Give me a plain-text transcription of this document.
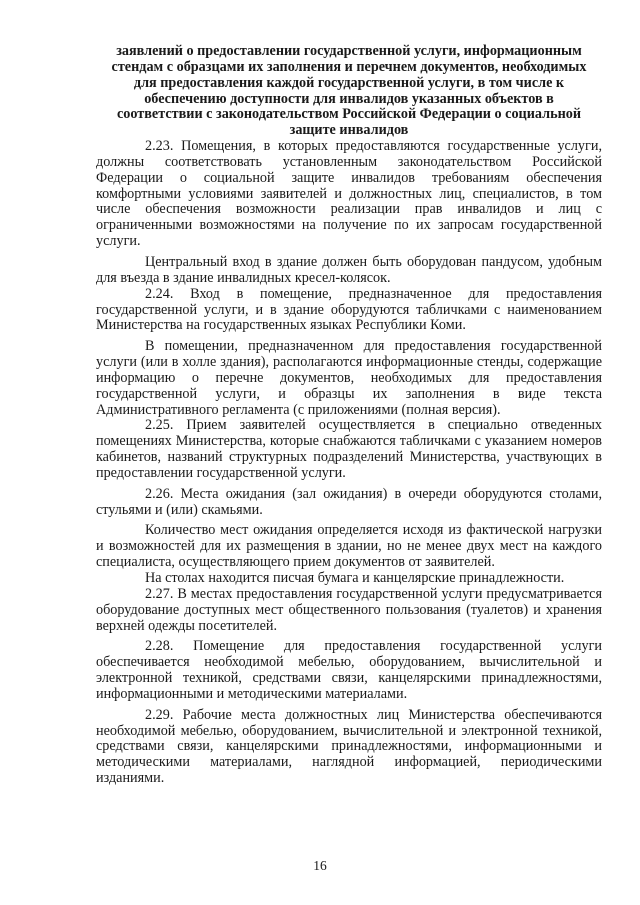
заявлений о предоставлении государственной услуги, информационным стендам с образцами их заполнения и перечнем документов, необходимых для предоставления каждой государственной услуги, в том числе к обеспечению доступности для инвалидов указанных объектов в соответствии с законодательством Российской Федерации о социальной защите инвалидов

2.23. Помещения, в которых предоставляются государственные услуги, должны соответствовать установленным законодательством Российской Федерации о социальной защите инвалидов требованиям обеспечения комфортными условиями заявителей и должностных лиц, специалистов, в том числе обеспечения возможности реализации прав инвалидов и лиц с ограниченными возможностями на получение по их запросам государственной услуги.

Центральный вход в здание должен быть оборудован пандусом, удобным для въезда в здание инвалидных кресел-колясок.

2.24. Вход в помещение, предназначенное для предоставления государственной услуги, и в здание оборудуются табличками с наименованием Министерства на государственных языках Республики Коми.

В помещении, предназначенном для предоставления государственной услуги (или в холле здания), располагаются информационные стенды, содержащие информацию о перечне документов, необходимых для предоставления государственной услуги, и образцы их заполнения в виде текста Административного регламента (с приложениями (полная версия).

2.25. Прием заявителей осуществляется в специально отведенных помещениях Министерства, которые снабжаются табличками с указанием номеров кабинетов, названий структурных подразделений Министерства, участвующих в предоставлении государственной услуги.

2.26. Места ожидания (зал ожидания) в очереди оборудуются столами, стульями и (или) скамьями.

Количество мест ожидания определяется исходя из фактической нагрузки и возможностей для их размещения в здании, но не менее двух мест на каждого специалиста, осуществляющего прием документов от заявителей.

На столах находится писчая бумага и канцелярские принадлежности.

2.27. В местах предоставления государственной услуги предусматривается оборудование доступных мест общественного пользования (туалетов) и хранения верхней одежды посетителей.

2.28. Помещение для предоставления государственной услуги обеспечивается необходимой мебелью, оборудованием, вычислительной и электронной техникой, средствами связи, канцелярскими принадлежностями, информационными и методическими материалами.

2.29. Рабочие места должностных лиц Министерства обеспечиваются необходимой мебелью, оборудованием, вычислительной и электронной техникой, средствами связи, канцелярскими принадлежностями, информационными и методическими материалами, наглядной информацией, периодическими изданиями.

16
